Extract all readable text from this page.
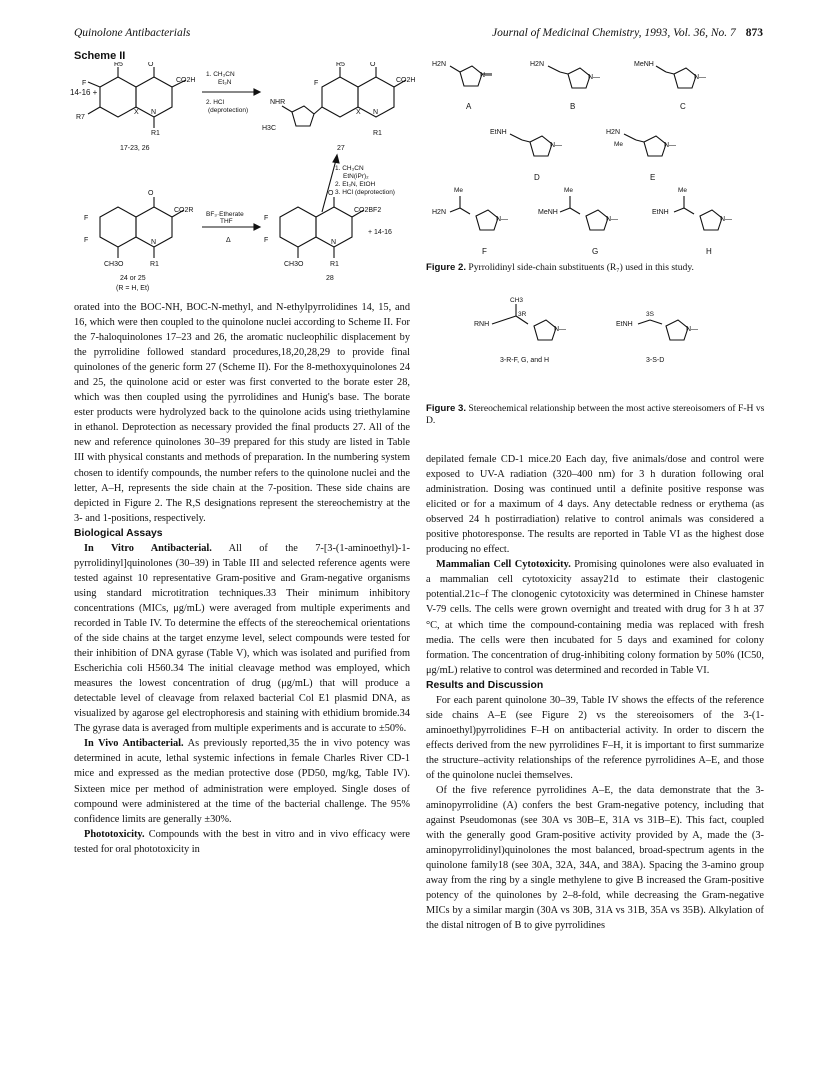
Quinolone Antibacterials	Journal of Medicinal Chemistry, 1993, Vol. 36, No. 7 873
Scheme II
14-16 +
O
R5
F
R7
X N
R1
CO2H
17-23, 26
1. CH₃CN
Et₃N
2. HCl
(deprotection)
O
R5
F	CO2H
NHR
H3C
X N
R1
27
1. CH₃CN
EtN(iPr)₂
2. Et₃N, EtOH
3. HCl (deprotection)
O
F
F
CO2R
N
CH3O	R1
24 or 25
(R = H, Et)
BF₃·Etherate
THF
Δ
O
F
F
CO2BF2
N
CH3O	R1
+ 14-16
28
H2N
N—
A
H2N
N—
B
MeNH
N—
C
EtNH
N—
D
H2N
Me	N—
E
Me
H2N
N—
F
Me
MeNH
N—
G
Me
EtNH
N—
H
Figure 2. Pyrrolidinyl side-chain substituents (R₇) used in this study.
CH3
3R
RNH
N—
3-R-F, G, and H
3S
EtNH
N—
3-S-D
Figure 3. Stereochemical relationship between the most active stereoisomers of F-H vs D.

orated into the BOC-NH, BOC-N-methyl, and N-ethylpyrrolidines 14, 15, and 16, which were then coupled to the quinolone nuclei according to Scheme II. For the 7-haloquinolones 17–23 and 26, the aromatic nucleophilic displacement by the pyrrolidine followed standard procedures,18,20,28,29 to provide final quinolones of the generic form 27 (Scheme II). For the 8-methoxyquinolones 24 and 25, the quinolone acid or ester was first converted to the borate ester 28, which was then coupled using the pyrrolidines and Hunig's base. The borate ester products were hydrolyzed back to the quinolone acids using triethylamine in ethanol. Deprotection as necessary provided the final products 27. All of the new and reference quinolones 30–39 prepared for this study are listed in Table III with physical constants and methods of preparation. In the numbering system chosen to identify compounds, the number refers to the quinolone nuclei and the letter, A–H, represents the side chain at the 7-position. These side chains are depicted in Figure 2. The R,S designations represent the stereochemistry at the 3- and 1-positions, respectively.

Biological Assays

In Vitro Antibacterial. All of the 7-[3-(1-aminoethyl)-1-pyrrolidinyl]quinolones (30–39) in Table III and selected reference agents were tested against 10 representative Gram-positive and Gram-negative organisms using standard microtitration techniques.33 Their minimum inhibitory concentrations (MICs, μg/mL) were averaged from multiple experiments and recorded in Table IV. To determine the effects of the stereochemical orientations of the side chains at the target enzyme level, select compounds were tested for their inhibition of DNA gyrase (Table V), which was isolated and purified from Escherichia coli H560.34 The initial cleavage method was employed, which measures the lowest concentration of drug (μg/mL) that will produce a detectable level of cleavage from relaxed bacterial Col E1 plasmid DNA, as visualized by agarose gel electrophoresis and staining with ethidium bromide.34 The gyrase data is averaged from multiple experiments and is accurate to ±50%.

In Vivo Antibacterial. As previously reported,35 the in vivo potency was determined in acute, lethal systemic infections in female Charles River CD-1 mice and expressed as the median protective dose (PD50, mg/kg, Table IV). Sixteen mice per method of administration were employed. Single doses of compound were administered at the time of the bacterial challenge. The 95% confidence limits are generally ±30%.

Phototoxicity. Compounds with the best in vitro and in vivo efficacy were tested for oral phototoxicity in

depilated female CD-1 mice.20 Each day, five animals/dose and control were exposed to UV-A radiation (320–400 nm) for 3 h duration following oral administration. Dosing was continued until a definite positive response was elicited or for a maximum of 4 days. Any detectable redness or erythema (as observed 24 h postirradiation) relative to control animals was considered a positive photoresponse. The results are reported in Table VI as the highest dose producing no effect.

Mammalian Cell Cytotoxicity. Promising quinolones were also evaluated in a mammalian cell cytotoxicity assay21d to estimate their clastogenic potential.21c–f The clonogenic cytotoxicity was determined in Chinese hamster V-79 cells. The cells were grown overnight and treated with drug for 3 h at 37 °C, at which time the compound-containing media was replaced with fresh media. The cells were then incubated for 5 days and examined for colony formation. The concentration of drug-inhibiting colony formation by 50% (IC50, μg/mL) relative to control was determined and recorded in Table VI.

Results and Discussion

For each parent quinolone 30–39, Table IV shows the effects of the reference side chains A–E (see Figure 2) vs the stereoisomers of the 3-(1-aminoethyl)pyrrolidines F–H on antibacterial activity. In order to discern the effects derived from the new pyrrolidines F–H, it is important to first summarize the structure–activity relationships of the reference pyrrolidines A–E, and those of the quinolone nuclei themselves.

Of the five reference pyrrolidines A–E, the data demonstrate that the 3-aminopyrrolidine (A) confers the best Gram-negative potency, including that against Pseudomonas (see 30A vs 30B–E, 31A vs 31B–E). This fact, coupled with the generally good Gram-positive activity provided by A, made the (3-aminopyrrolidinyl)quinolones the most balanced, broad-spectrum agents in the quinolone family18 (see 30A, 32A, 34A, and 38A). Spacing the 3-amino group away from the ring by a single methylene to give B increased the Gram-positive potency of the quinolones by 2–8-fold, while decreasing the Gram-negative MICs by a similar margin (30A vs 30B, 31A vs 31B, 35A vs 35B). Alkylation of the distal nitrogen of B to give pyrrolidines
